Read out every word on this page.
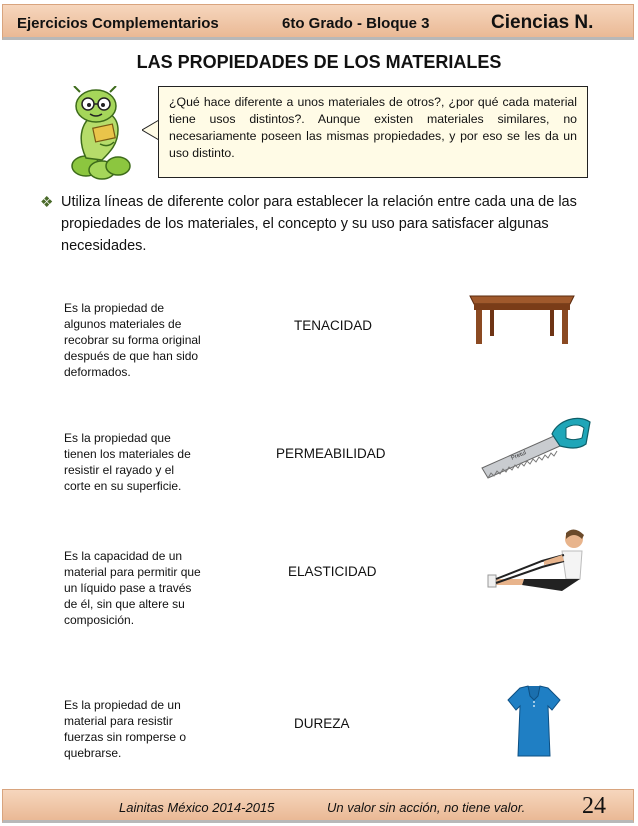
Ejercicios Complementarios	6to Grado - Bloque 3	Ciencias N.
LAS PROPIEDADES DE LOS MATERIALES
¿Qué hace diferente a unos materiales de otros?, ¿por qué cada material tiene usos distintos?. Aunque existen materiales similares, no necesariamente poseen las mismas propiedades, y por eso se les da un uso distinto.
❖ Utiliza líneas de diferente color para establecer la relación entre cada una de las propiedades de los materiales, el concepto y su uso para satisfacer algunas necesidades.
Es la propiedad de algunos materiales de recobrar su forma original después de que han sido deformados.
Es la propiedad que tienen los materiales de resistir el rayado y el corte en su superficie.
Es la capacidad de un material para permitir que un líquido pase a través de él, sin que altere su composición.
Es la propiedad de un material para resistir fuerzas sin romperse o quebrarse.
TENACIDAD
PERMEABILIDAD
ELASTICIDAD
DUREZA
Pretul
Lainitas México 2014-2015	Un valor sin acción, no tiene valor. 24
